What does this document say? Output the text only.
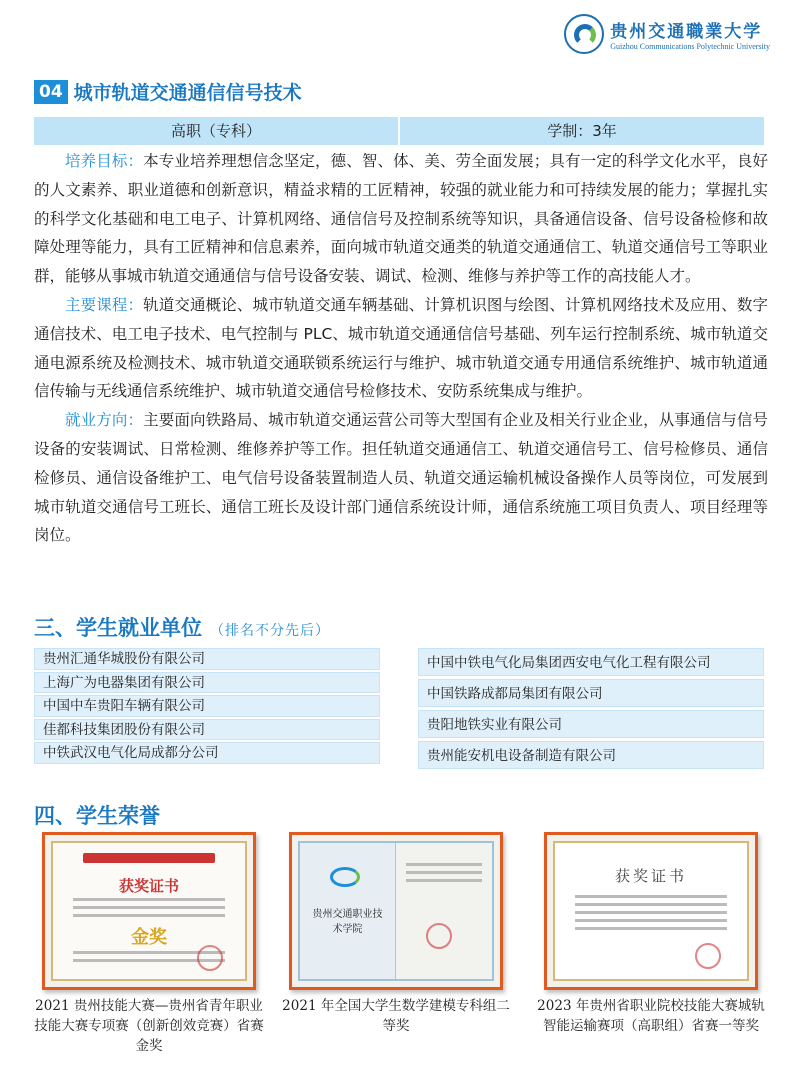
贵州交通職業大学
Guizhou Communications Polytechnic University
04 城市轨道交通通信信号技术
高职（专科）	学制：3年

培养目标：本专业培养理想信念坚定，德、智、体、美、劳全面发展；具有一定的科学文化水平，良好的人文素养、职业道德和创新意识，精益求精的工匠精神，较强的就业能力和可持续发展的能力；掌握扎实的科学文化基础和电工电子、计算机网络、通信信号及控制系统等知识，具备通信设备、信号设备检修和故障处理等能力，具有工匠精神和信息素养，面向城市轨道交通类的轨道交通通信工、轨道交通信号工等职业群，能够从事城市轨道交通通信与信号设备安装、调试、检测、维修与养护等工作的高技能人才。

主要课程：轨道交通概论、城市轨道交通车辆基础、计算机识图与绘图、计算机网络技术及应用、数字通信技术、电工电子技术、电气控制与 PLC、城市轨道交通通信信号基础、列车运行控制系统、城市轨道交通电源系统及检测技术、城市轨道交通联锁系统运行与维护、城市轨道交通专用通信系统维护、城市轨道通信传输与无线通信系统维护、城市轨道交通信号检修技术、安防系统集成与维护。

就业方向：主要面向铁路局、城市轨道交通运营公司等大型国有企业及相关行业企业，从事通信与信号设备的安装调试、日常检测、维修养护等工作。担任轨道交通通信工、轨道交通信号工、信号检修员、通信检修员、通信设备维护工、电气信号设备装置制造人员、轨道交通运输机械设备操作人员等岗位，可发展到城市轨道交通信号工班长、通信工班长及设计部门通信系统设计师，通信系统施工项目负责人、项目经理等岗位。

三、学生就业单位 （排名不分先后）
贵州汇通华城股份有限公司
上海广为电器集团有限公司
中国中车贵阳车辆有限公司
佳都科技集团股份有限公司
中铁武汉电气化局成都分公司
中国中铁电气化局集团西安电气化工程有限公司
中国铁路成都局集团有限公司
贵阳地铁实业有限公司
贵州能安机电设备制造有限公司
四、学生荣誉
获奖证书
金奖
贵州交通职业技术学院
获奖证书
2021 贵州技能大赛—贵州省青年职业技能大赛专项赛（创新创效竞赛）省赛金奖
2021 年全国大学生数学建模专科组二等奖
2023 年贵州省职业院校技能大赛城轨智能运输赛项（高职组）省赛一等奖
